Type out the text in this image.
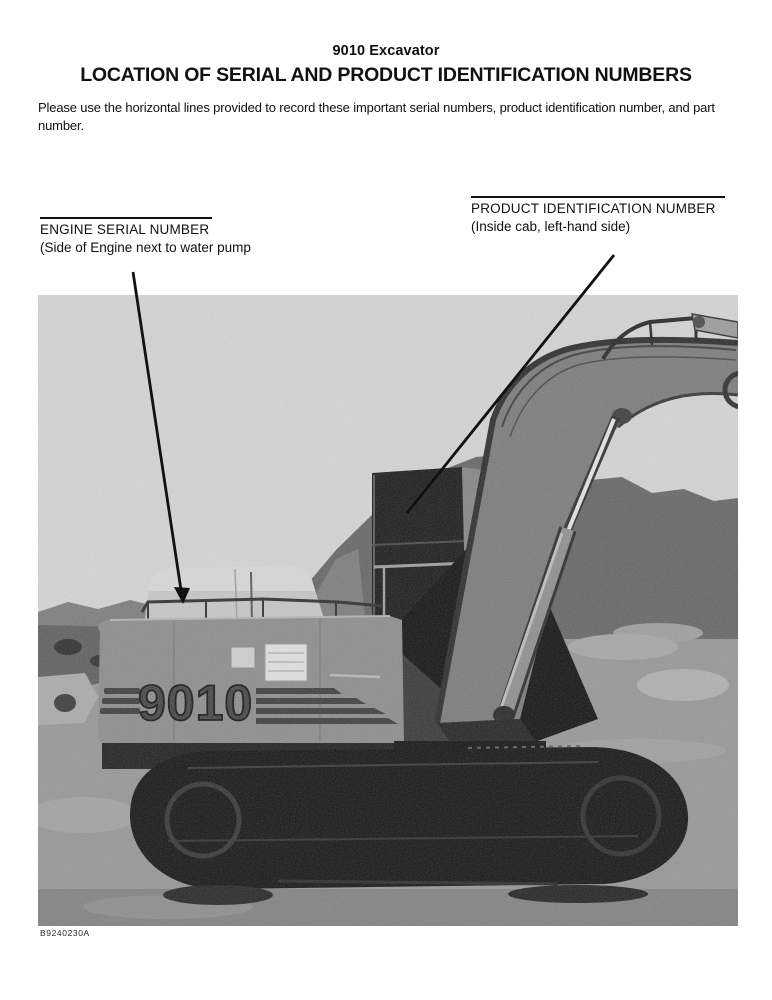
9010 Excavator
LOCATION OF SERIAL AND PRODUCT IDENTIFICATION NUMBERS

Please use the horizontal lines provided to record these important serial numbers, product identification number, and part number.

ENGINE SERIAL NUMBER
(Side of Engine next to water pump
PRODUCT IDENTIFICATION NUMBER
(Inside cab, left-hand side)
9010
B9240230A
